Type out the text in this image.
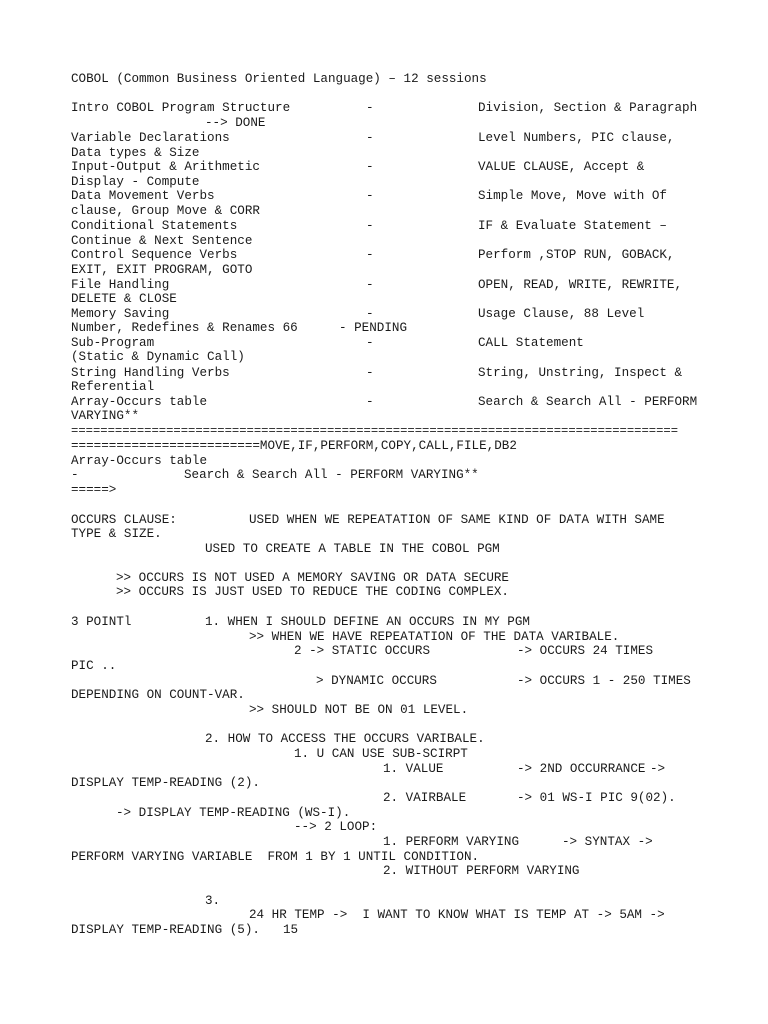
COBOL (Common Business Oriented Language) – 12 sessions
Intro COBOL Program Structure	-	Division, Section & Paragraph
--> DONE
Variable Declarations	-	Level Numbers, PIC clause,
Data types & Size
Input-Output & Arithmetic	-	VALUE CLAUSE, Accept &
Display - Compute
Data Movement Verbs	-	Simple Move, Move with Of
clause, Group Move & CORR
Conditional Statements	-	IF & Evaluate Statement –
Continue & Next Sentence
Control Sequence Verbs	-	Perform ,STOP RUN, GOBACK,
EXIT, EXIT PROGRAM, GOTO
File Handling	-	OPEN, READ, WRITE, REWRITE,
DELETE & CLOSE
Memory Saving	-	Usage Clause, 88 Level
Number, Redefines & Renames 66	- PENDING
Sub-Program	-	CALL Statement
(Static & Dynamic Call)
String Handling Verbs	-	String, Unstring, Inspect &
Referential
Array-Occurs table	-	Search & Search All - PERFORM
VARYING**
===================================================================================
=========================MOVE,IF,PERFORM,COPY,CALL,FILE,DB2
Array-Occurs table
-	Search & Search All - PERFORM VARYING**
=====>
OCCURS CLAUSE:	USED WHEN WE REPEATATION OF SAME KIND OF DATA WITH SAME
TYPE & SIZE.
USED TO CREATE A TABLE IN THE COBOL PGM
>> OCCURS IS NOT USED A MEMORY SAVING OR DATA SECURE
>> OCCURS IS JUST USED TO REDUCE THE CODING COMPLEX.
3 POINTl	1. WHEN I SHOULD DEFINE AN OCCURS IN MY PGM
>> WHEN WE HAVE REPEATATION OF THE DATA VARIBALE.
2 -> STATIC OCCURS	-> OCCURS 24 TIMES
PIC ..
> DYNAMIC OCCURS	-> OCCURS 1 - 250 TIMES
DEPENDING ON COUNT-VAR.
>> SHOULD NOT BE ON 01 LEVEL.
2. HOW TO ACCESS THE OCCURS VARIBALE.
1. U CAN USE SUB-SCIRPT
1. VALUE	-> 2ND OCCURRANCE ->
DISPLAY TEMP-READING (2).
2. VAIRBALE	-> 01 WS-I PIC 9(02).
-> DISPLAY TEMP-READING (WS-I).
--> 2 LOOP:
1. PERFORM VARYING	-> SYNTAX ->
PERFORM VARYING VARIABLE  FROM 1 BY 1 UNTIL CONDITION.
2. WITHOUT PERFORM VARYING
3.
24 HR TEMP ->  I WANT TO KNOW WHAT IS TEMP AT -> 5AM ->
DISPLAY TEMP-READING (5). 15
